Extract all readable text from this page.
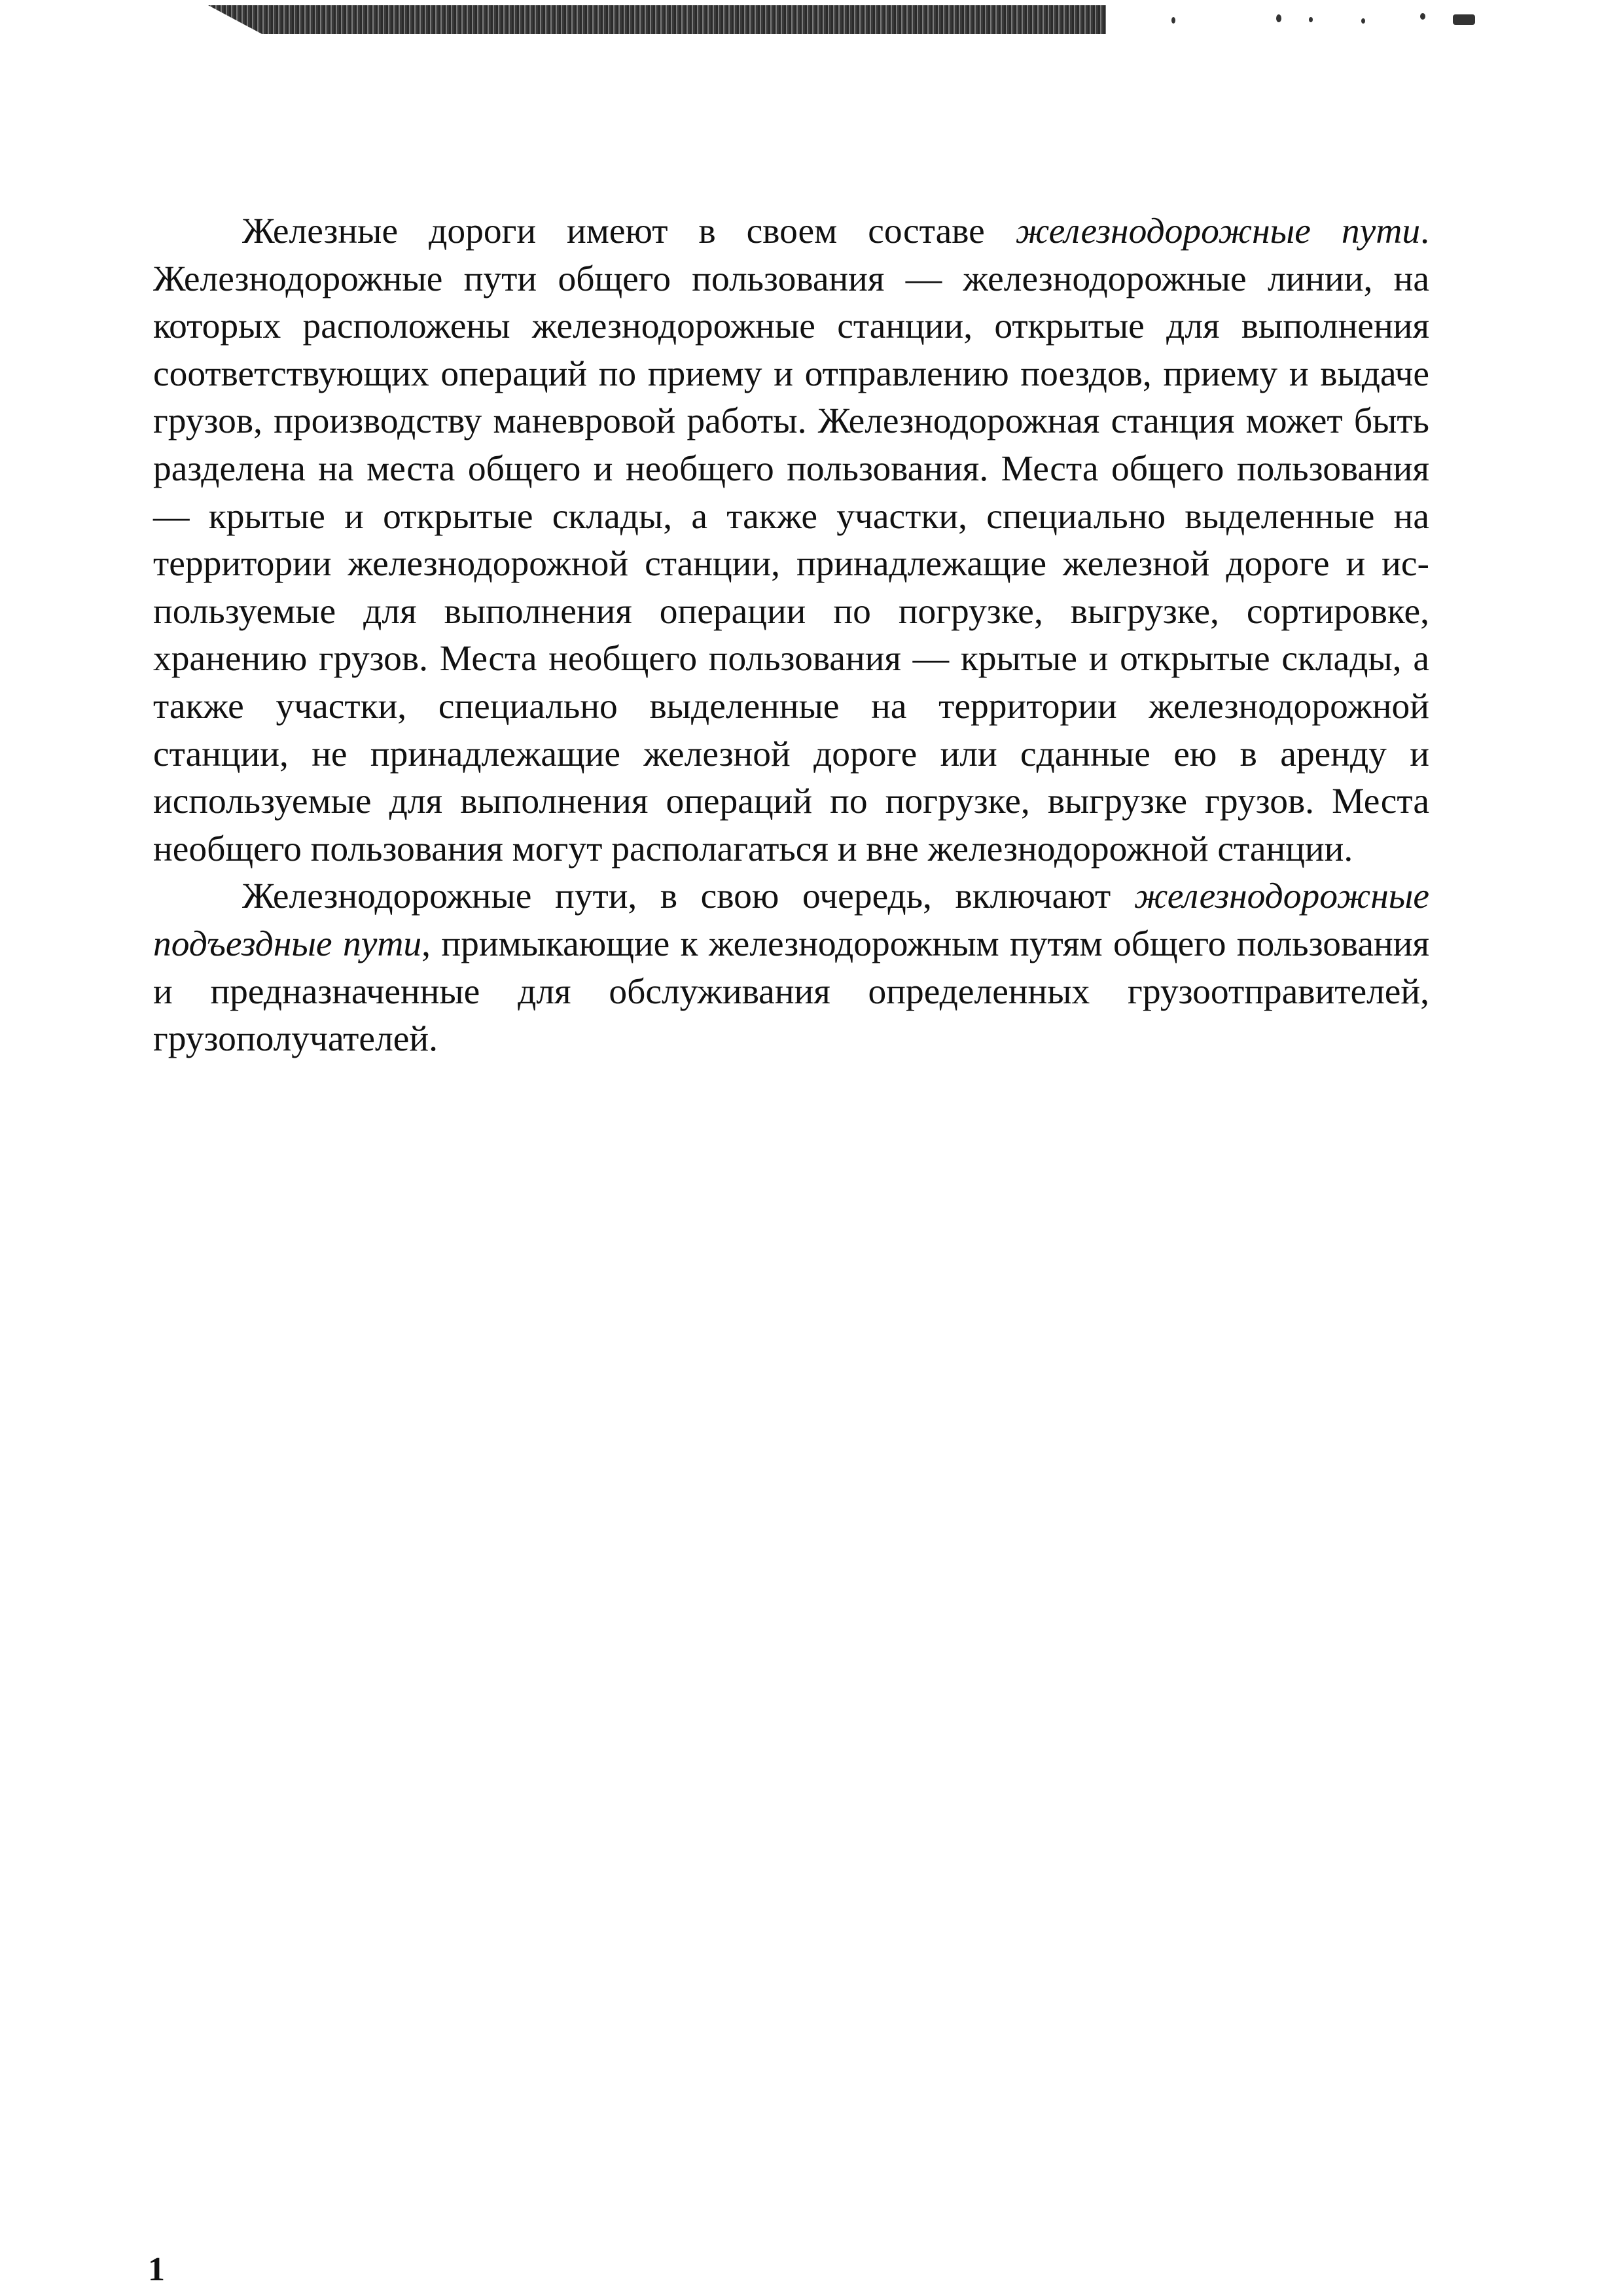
Железные дороги имеют в своем составе железнодорожные пути. Железнодорожные пути общего пользования — железнодорожные линии, на которых расположены железнодорожные станции, открытые для выполнения соответствующих операций по приему и отправлению поездов, приему и выдаче грузов, производству маневровой работы. Железнодорожная станция может быть разделена на места общего и необщего пользования. Места общего пользования — крытые и открытые склады, а также участки, специально выделенные на территории железнодорожной станции, принадлежащие железной дороге и используемые для выполнения операции по погрузке, выгрузке, сортировке, хранению грузов. Места необщего пользования — крытые и открытые склады, а также участки, специально выделенные на территории железнодорожной станции, не принадлежащие железной дороге или сданные ею в аренду и используемые для выполнения операций по погрузке, выгрузке грузов. Места необщего пользования могут располагаться и вне железнодорожной станции.

Железнодорожные пути, в свою очередь, включают железнодорожные подъездные пути, примыкающие к железнодорожным путям общего пользования и предназначенные для обслуживания определенных грузоотправителей, грузополучателей.

1
